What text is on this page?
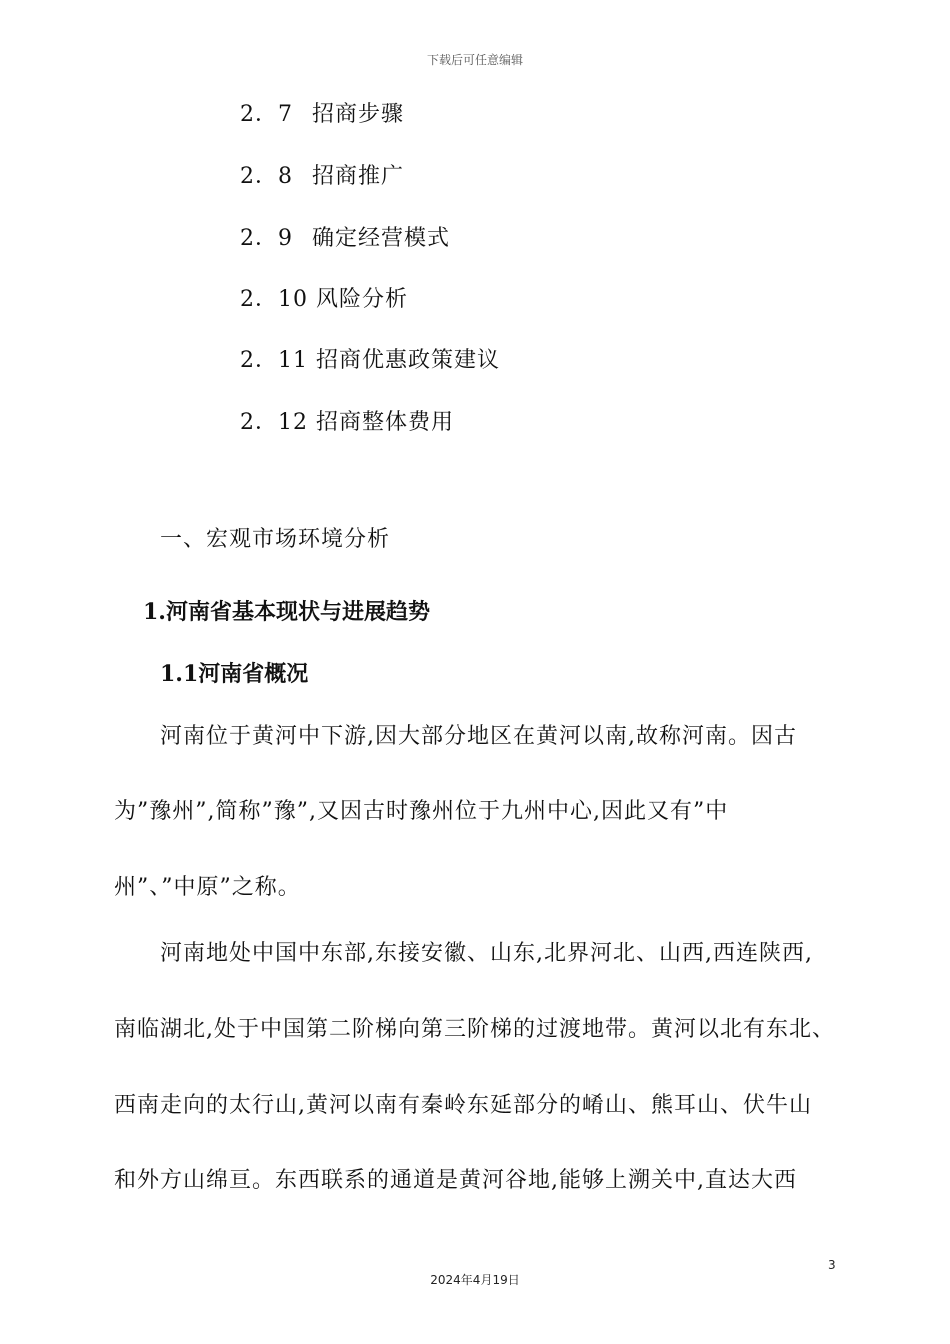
下载后可任意编辑
2．7 招商步骤
2．8 招商推广
2．9 确定经营模式
2．10 风险分析
2．11 招商优惠政策建议
2．12 招商整体费用
一、宏观市场环境分析
1.河南省基本现状与进展趋势
1.1河南省概况
河南位于黄河中下游,因大部分地区在黄河以南,故称河南。因古
为”豫州”,简称”豫”,又因古时豫州位于九州中心,因此又有”中
州”、”中原”之称。
河南地处中国中东部,东接安徽、山东,北界河北、山西,西连陕西,
南临湖北,处于中国第二阶梯向第三阶梯的过渡地带。黄河以北有东北、
西南走向的太行山,黄河以南有秦岭东延部分的崤山、熊耳山、伏牛山
和外方山绵亘。东西联系的通道是黄河谷地,能够上溯关中,直达大西
3
2024年4月19日
